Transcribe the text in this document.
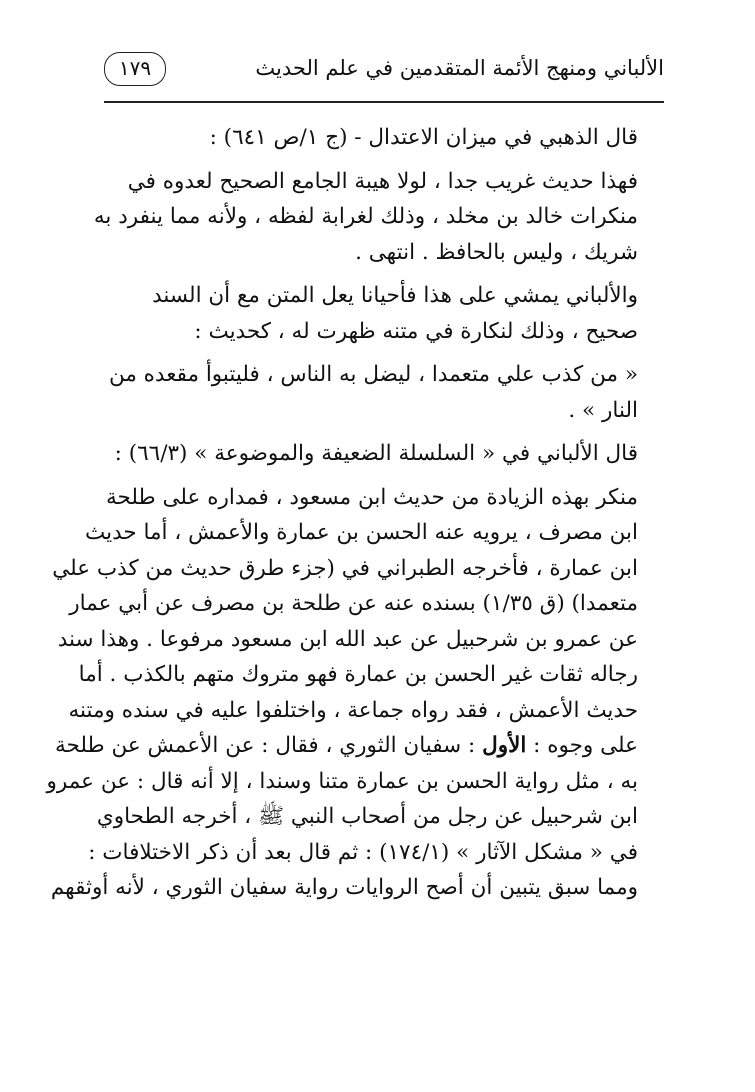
الألباني ومنهج الأئمة المتقدمين في علم الحديث
١٧٩

قال الذهبي في ميزان الاعتدال - (ج ١/ص ٦٤١) :

فهذا حديث غريب جدا ، لولا هيبة الجامع الصحيح لعدوه في
منكرات خالد بن مخلد ، وذلك لغرابة لفظه ، ولأنه مما ينفرد به
شريك ، وليس بالحافظ . انتهى .

والألباني يمشي على هذا فأحيانا يعل المتن مع أن السند
صحيح ، وذلك لنكارة في متنه ظهرت له ، كحديث :

« من كذب علي متعمدا ، ليضل به الناس ، فليتبوأ مقعده من
النار » .

قال الألباني في « السلسلة الضعيفة والموضوعة » (٦٦/٣) :

منكر بهذه الزيادة من حديث ابن مسعود ، فمداره على طلحة
ابن مصرف ، يرويه عنه الحسن بن عمارة والأعمش ، أما حديث
ابن عمارة ، فأخرجه الطبراني في (جزء طرق حديث من كذب علي
متعمدا) (ق ١/٣٥) بسنده عنه عن طلحة بن مصرف عن أبي عمار
عن عمرو بن شرحبيل عن عبد الله ابن مسعود مرفوعا . وهذا سند
رجاله ثقات غير الحسن بن عمارة فهو متروك متهم بالكذب . أما
حديث الأعمش ، فقد رواه جماعة ، واختلفوا عليه في سنده ومتنه
على وجوه : الأول : سفيان الثوري ، فقال : عن الأعمش عن طلحة
به ، مثل رواية الحسن بن عمارة متنا وسندا ، إلا أنه قال : عن عمرو
ابن شرحبيل عن رجل من أصحاب النبي ﷺ ، أخرجه الطحاوي
في « مشكل الآثار » (١٧٤/١) : ثم قال بعد أن ذكر الاختلافات :
ومما سبق يتبين أن أصح الروايات رواية سفيان الثوري ، لأنه أوثقهم
